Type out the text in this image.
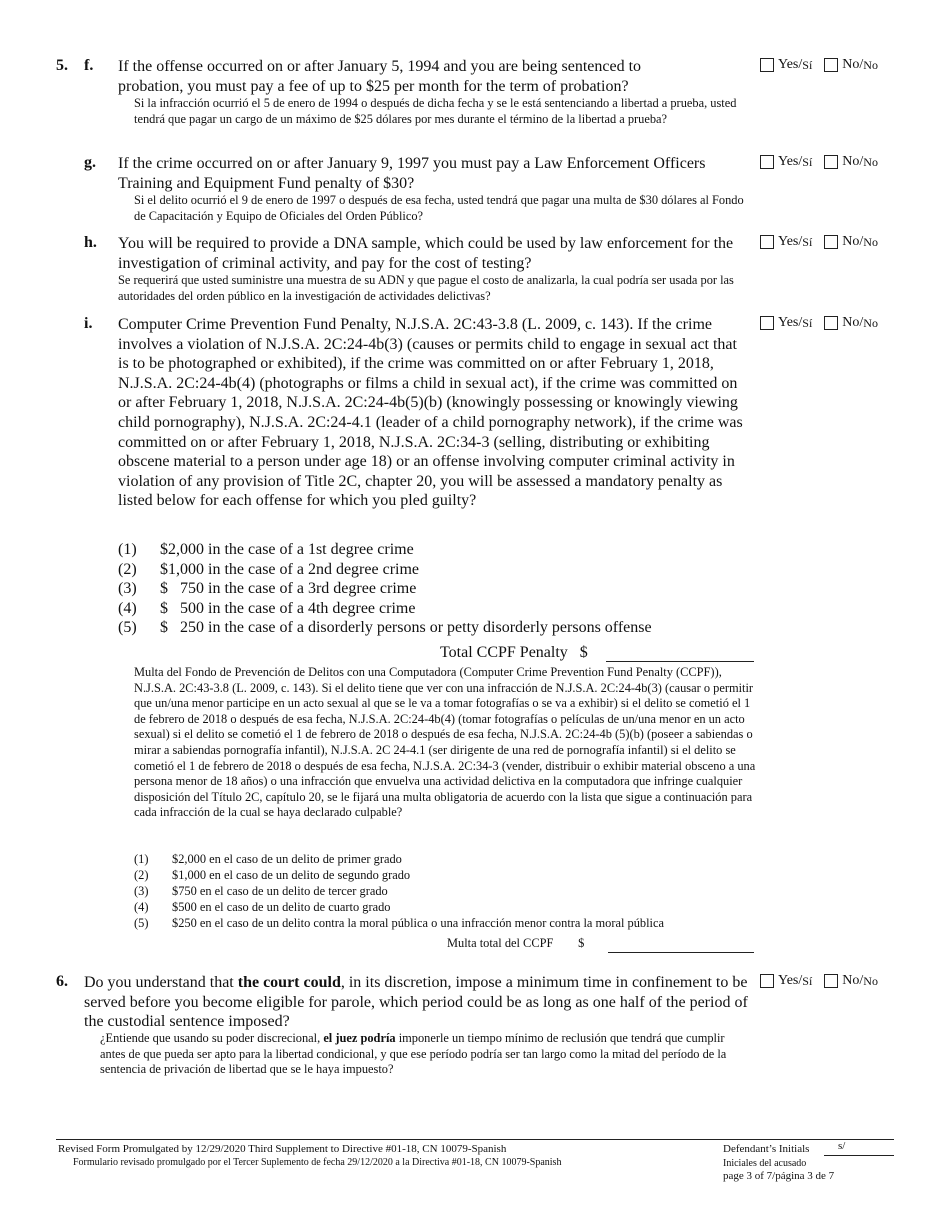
5. f. If the offense occurred on or after January 5, 1994 and you are being sentenced to probation, you must pay a fee of up to $25 per month for the term of probation?
Si la infracción ocurrió el 5 de enero de 1994 o después de dicha fecha y se le está sentenciando a libertad a prueba, usted tendrá que pagar un cargo de un máximo de $25 dólares por mes durante el término de la libertad a prueba?
Yes/ Sí No/ No
g. If the crime occurred on or after January 9, 1997 you must pay a Law Enforcement Officers Training and Equipment Fund penalty of $30?
Si el delito ocurrió el 9 de enero de 1997 o después de esa fecha, usted tendrá que pagar una multa de $30 dólares al Fondo de Capacitación y Equipo de Oficiales del Orden Público?
Yes/ Sí No/ No
h. You will be required to provide a DNA sample, which could be used by law enforcement for the investigation of criminal activity, and pay for the cost of testing?
Se requerirá que usted suministre una muestra de su ADN y que pague el costo de analizarla, la cual podría ser usada por las autoridades del orden público en la investigación de actividades delictivas?
Yes/ Sí No/ No
i. Computer Crime Prevention Fund Penalty, N.J.S.A. 2C:43-3.8 (L. 2009, c. 143). If the crime involves a violation of N.J.S.A. 2C:24-4b(3) (causes or permits child to engage in sexual act that is to be photographed or exhibited), if the crime was committed on or after February 1, 2018, N.J.S.A. 2C:24-4b(4) (photographs or films a child in sexual act), if the crime was committed on or after February 1, 2018, N.J.S.A. 2C:24-4b(5)(b) (knowingly possessing or knowingly viewing child pornography), N.J.S.A. 2C:24-4.1 (leader of a child pornography network), if the crime was committed on or after February 1, 2018, N.J.S.A. 2C:34-3 (selling, distributing or exhibiting obscene material to a person under age 18) or an offense involving computer criminal activity in violation of any provision of Title 2C, chapter 20, you will be assessed a mandatory penalty as listed below for each offense for which you pled guilty?
Yes/ Sí No/ No
(1)	$2,000 in the case of a 1st degree crime
(2)	$1,000 in the case of a 2nd degree crime
(3)	$   750 in the case of a 3rd degree crime
(4)	$   500 in the case of a 4th degree crime
(5)	$   250 in the case of a disorderly persons or petty disorderly persons offense
Total CCPF Penalty   $
Multa del Fondo de Prevención de Delitos con una Computadora (Computer Crime Prevention Fund Penalty (CCPF)), N.J.S.A. 2C:43-3.8 (L. 2009, c. 143). Si el delito tiene que ver con una infracción de N.J.S.A. 2C:24-4b(3) (causar o permitir que un/una menor participe en un acto sexual al que se le va a tomar fotografías o se va a exhibir) si el delito se cometió el 1 de febrero de 2018 o después de esa fecha, N.J.S.A. 2C:24-4b(4) (tomar fotografías o películas de un/una menor en un acto sexual) si el delito se cometió el 1 de febrero de 2018 o después de esa fecha, N.J.S.A. 2C:24-4b (5)(b) (poseer a sabiendas o mirar a sabiendas pornografía infantil), N.J.S.A. 2C 24-4.1 (ser dirigente de una red de pornografía infantil) si el delito se cometió el 1 de febrero de 2018 o después de esa fecha, N.J.S.A. 2C:34-3 (vender, distribuir o exhibir material obsceno a una persona menor de 18 años) o una infracción que envuelva una actividad delictiva en la computadora que infringe cualquier disposición del Título 2C, capítulo 20, se le fijará una multa obligatoria de acuerdo con la lista que sigue a continuación para cada infracción de la cual se haya declarado culpable?
(1)	$2,000 en el caso de un delito de primer grado
(2)	$1,000 en el caso de un delito de segundo grado
(3)	$750 en el caso de un delito de tercer grado
(4)	$500 en el caso de un delito de cuarto grado
(5)	$250 en el caso de un delito contra la moral pública o una infracción menor contra la moral pública
Multa total del CCPF        $
6. Do you understand that the court could, in its discretion, impose a minimum time in confinement to be served before you become eligible for parole, which period could be as long as one half of the period of the custodial sentence imposed?
¿Entiende que usando su poder discrecional, el juez podría imponerle un tiempo mínimo de reclusión que tendrá que cumplir antes de que pueda ser apto para la libertad condicional, y que ese período podría ser tan largo como la mitad del período de la sentencia de privación de libertad que se le haya impuesto?
Yes/ Sí No/ No
Revised Form Promulgated by 12/29/2020 Third Supplement to Directive #01-18, CN 10079-Spanish
Formulario revisado promulgado por el Tercer Suplemento de fecha 29/12/2020 a la Directiva #01-18, CN 10079-Spanish
Defendant’s Initials	s/
Iniciales del acusado
page 3 of 7/página 3 de 7
